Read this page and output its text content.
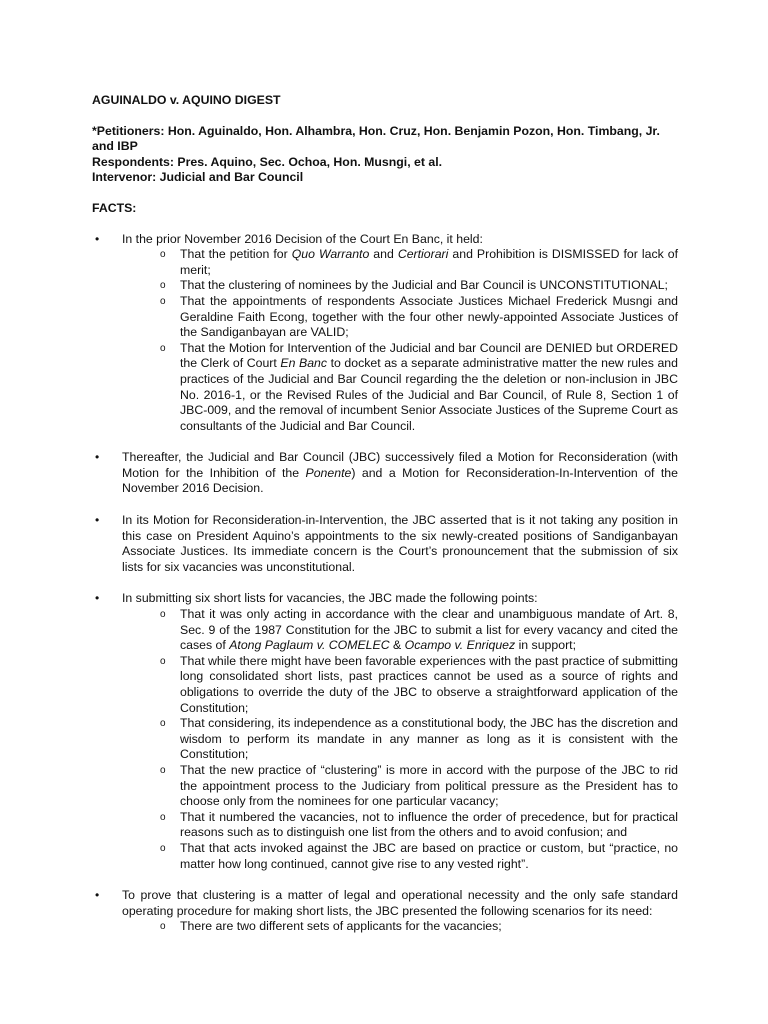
AGUINALDO v. AQUINO DIGEST
*Petitioners: Hon. Aguinaldo, Hon. Alhambra, Hon. Cruz, Hon. Benjamin Pozon, Hon. Timbang, Jr. and IBP
Respondents: Pres. Aquino, Sec. Ochoa, Hon. Musngi, et al.
Intervenor: Judicial and Bar Council
FACTS:
• In the prior November 2016 Decision of the Court En Banc, it held:
o That the petition for Quo Warranto and Certiorari and Prohibition is DISMISSED for lack of merit;
o That the clustering of nominees by the Judicial and Bar Council is UNCONSTITUTIONAL;
o That the appointments of respondents Associate Justices Michael Frederick Musngi and Geraldine Faith Econg, together with the four other newly-appointed Associate Justices of the Sandiganbayan are VALID;
o That the Motion for Intervention of the Judicial and bar Council are DENIED but ORDERED the Clerk of Court En Banc to docket as a separate administrative matter the new rules and practices of the Judicial and Bar Council regarding the the deletion or non-inclusion in JBC No. 2016-1, or the Revised Rules of the Judicial and Bar Council, of Rule 8, Section 1 of JBC-009, and the removal of incumbent Senior Associate Justices of the Supreme Court as consultants of the Judicial and Bar Council.
• Thereafter, the Judicial and Bar Council (JBC) successively filed a Motion for Reconsideration (with Motion for the Inhibition of the Ponente) and a Motion for Reconsideration-In-Intervention of the November 2016 Decision.
• In its Motion for Reconsideration-in-Intervention, the JBC asserted that is it not taking any position in this case on President Aquino’s appointments to the six newly-created positions of Sandiganbayan Associate Justices. Its immediate concern is the Court’s pronouncement that the submission of six lists for six vacancies was unconstitutional.
• In submitting six short lists for vacancies, the JBC made the following points:
o That it was only acting in accordance with the clear and unambiguous mandate of Art. 8, Sec. 9 of the 1987 Constitution for the JBC to submit a list for every vacancy and cited the cases of Atong Paglaum v. COMELEC & Ocampo v. Enriquez in support;
o That while there might have been favorable experiences with the past practice of submitting long consolidated short lists, past practices cannot be used as a source of rights and obligations to override the duty of the JBC to observe a straightforward application of the Constitution;
o That considering, its independence as a constitutional body, the JBC has the discretion and wisdom to perform its mandate in any manner as long as it is consistent with the Constitution;
o That the new practice of “clustering” is more in accord with the purpose of the JBC to rid the appointment process to the Judiciary from political pressure as the President has to choose only from the nominees for one particular vacancy;
o That it numbered the vacancies, not to influence the order of precedence, but for practical reasons such as to distinguish one list from the others and to avoid confusion; and
o That that acts invoked against the JBC are based on practice or custom, but “practice, no matter how long continued, cannot give rise to any vested right”.
• To prove that clustering is a matter of legal and operational necessity and the only safe standard operating procedure for making short lists, the JBC presented the following scenarios for its need:
o There are two different sets of applicants for the vacancies;
